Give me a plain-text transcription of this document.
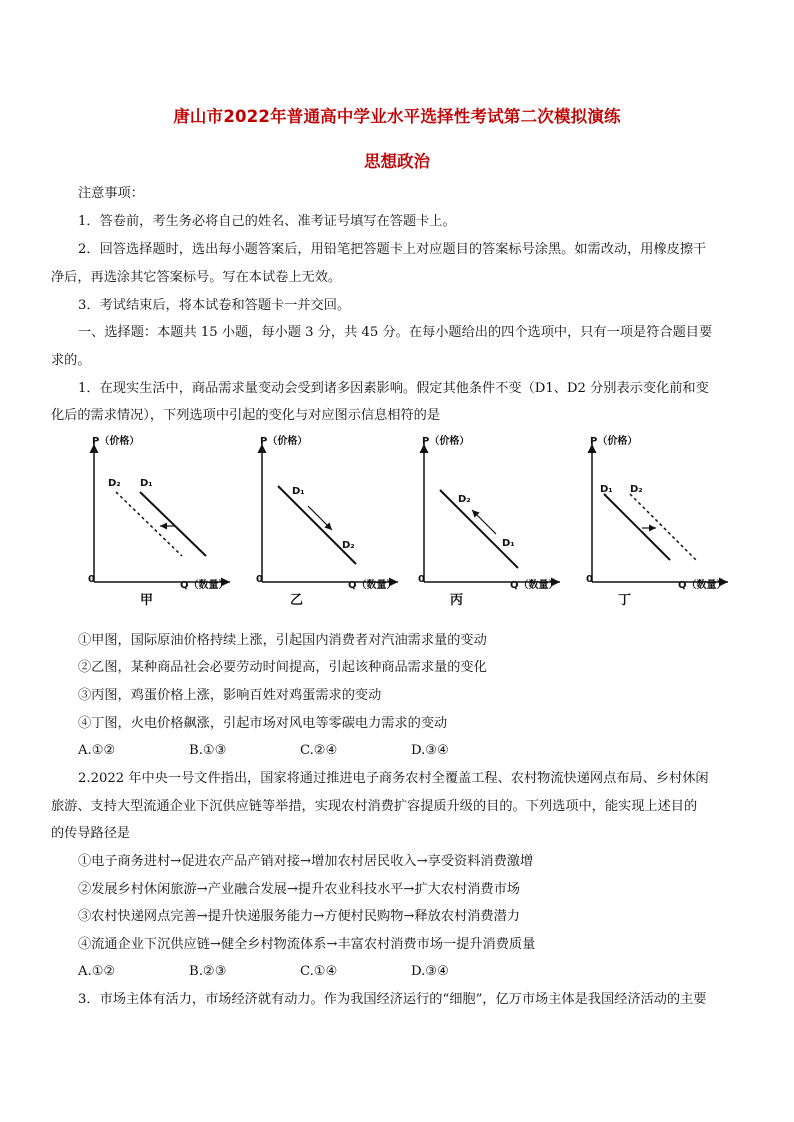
唐山市2022年普通高中学业水平选择性考试第二次模拟演练
思想政治
注意事项：
1．答卷前，考生务必将自己的姓名、准考证号填写在答题卡上。
2．回答选择题时，选出每小题答案后，用铅笔把答题卡上对应题目的答案标号涂黑。如需改动，用橡皮擦干
净后，再选涂其它答案标号。写在本试卷上无效。
3．考试结束后，将本试卷和答题卡一并交回。
一、选择题：本题共 15 小题，每小题 3 分，共 45 分。在每小题给出的四个选项中，只有一项是符合题目要
求的。
1．在现实生活中，商品需求量变动会受到诸多因素影响。假定其他条件不变（D1、D2 分别表示变化前和变
化后的需求情况），下列选项中引起的变化与对应图示信息相符的是
P（价格）
Q（数量）
0
D₂ D₁
甲
P（价格）
Q（数量）
0
D₁
D₂
乙
P（价格）
Q（数量）
0
D₂
D₁
丙
P（价格）
Q（数量）
0
D₁ D₂
丁
①甲图，国际原油价格持续上涨，引起国内消费者对汽油需求量的变动
②乙图，某种商品社会必要劳动时间提高，引起该种商品需求量的变化
③丙图，鸡蛋价格上涨，影响百姓对鸡蛋需求的变动
④丁图，火电价格飙涨，引起市场对风电等零碳电力需求的变动
A.①②	B.①③	C.②④	D.③④
2.2022 年中央一号文件指出，国家将通过推进电子商务农村全覆盖工程、农村物流快递网点布局、乡村休闲
旅游、支持大型流通企业下沉供应链等举措，实现农村消费扩容提质升级的目的。下列选项中，能实现上述目的
的传导路径是
①电子商务进村→促进农产品产销对接→增加农村居民收入→享受资料消费激增
②发展乡村休闲旅游→产业融合发展→提升农业科技水平→扩大农村消费市场
③农村快递网点完善→提升快递服务能力→方便村民购物→释放农村消费潜力
④流通企业下沉供应链→健全乡村物流体系→丰富农村消费市场一提升消费质量
A.①②	B.②③	C.①④	D.③④
3．市场主体有活力，市场经济就有动力。作为我国经济运行的“细胞”，亿万市场主体是我国经济活动的主要
